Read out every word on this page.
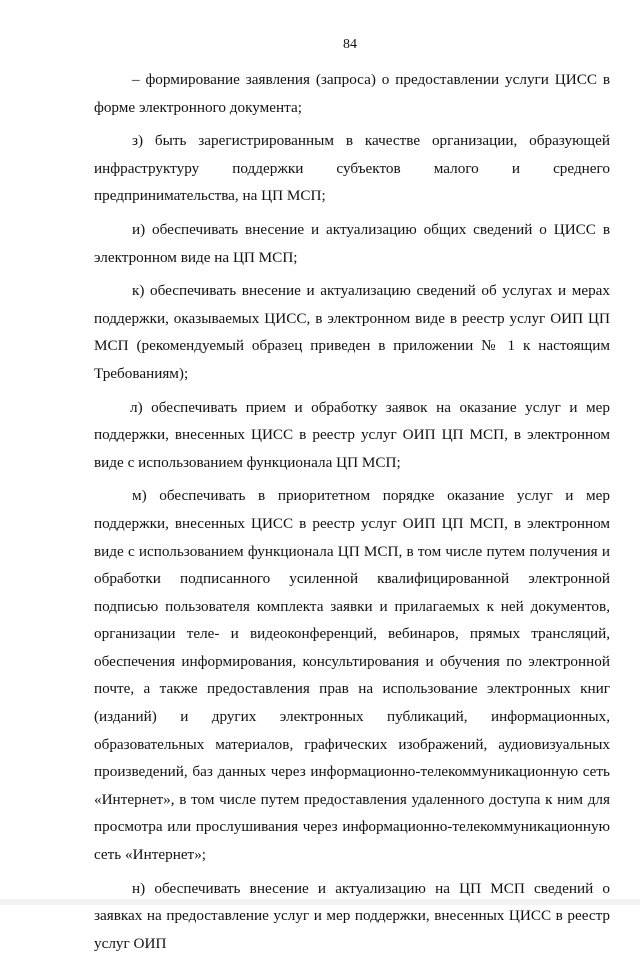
84

– формирование заявления (запроса) о предоставлении услуги ЦИСС в форме электронного документа;

з) быть зарегистрированным в качестве организации, образующей инфраструктуру поддержки субъектов малого и среднего предпринимательства, на ЦП МСП;

и) обеспечивать внесение и актуализацию общих сведений о ЦИСС в электронном виде на ЦП МСП;

к) обеспечивать внесение и актуализацию сведений об услугах и мерах поддержки, оказываемых ЦИСС, в электронном виде в реестр услуг ОИП ЦП МСП (рекомендуемый образец приведен в приложении № 1 к настоящим Требованиям);

л) обеспечивать прием и обработку заявок на оказание услуг и мер поддержки, внесенных ЦИСС в реестр услуг ОИП ЦП МСП, в электронном виде с использованием функционала ЦП МСП;

м) обеспечивать в приоритетном порядке оказание услуг и мер поддержки, внесенных ЦИСС в реестр услуг ОИП ЦП МСП, в электронном виде с использованием функционала ЦП МСП, в том числе путем получения и обработки подписанного усиленной квалифицированной электронной подписью пользователя комплекта заявки и прилагаемых к ней документов, организации теле- и видеоконференций, вебинаров, прямых трансляций, обеспечения информирования, консультирования и обучения по электронной почте, а также предоставления прав на использование электронных книг (изданий) и других электронных публикаций, информационных, образовательных материалов, графических изображений, аудиовизуальных произведений, баз данных через информационно-телекоммуникационную сеть «Интернет», в том числе путем предоставления удаленного доступа к ним для просмотра или прослушивания через информационно-телекоммуникационную сеть «Интернет»;

н) обеспечивать внесение и актуализацию на ЦП МСП сведений о заявках на предоставление услуг и мер поддержки, внесенных ЦИСС в реестр услуг ОИП
